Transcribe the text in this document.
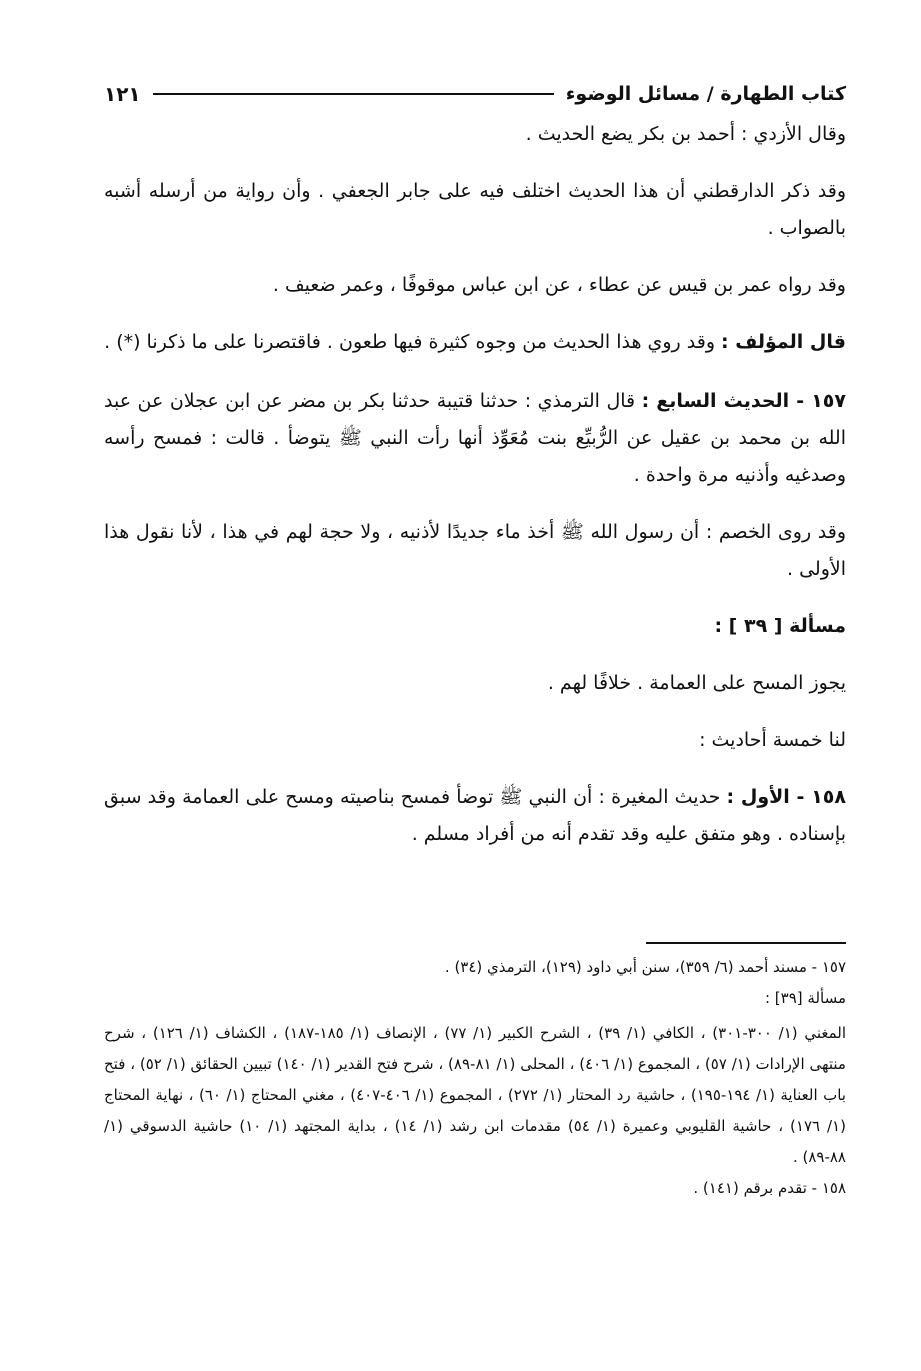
كتاب الطهارة / مسائل الوضوء
١٢١

وقال الأزدي : أحمد بن بكر يضع الحديث .

وقد ذكر الدارقطني أن هذا الحديث اختلف فيه على جابر الجعفي . وأن رواية من أرسله أشبه بالصواب .

وقد رواه عمر بن قيس عن عطاء ، عن ابن عباس موقوفًا ، وعمر ضعيف .

قال المؤلف : وقد روي هذا الحديث من وجوه كثيرة فيها طعون . فاقتصرنا على ما ذكرنا (*) .

١٥٧ - الحديث السابع : قال الترمذي : حدثنا قتيبة حدثنا بكر بن مضر عن ابن عجلان عن عبد الله بن محمد بن عقيل عن الرُّبيِّع بنت مُعَوِّذ أنها رأت النبي ﷺ يتوضأ . قالت : فمسح رأسه وصدغيه وأذنيه مرة واحدة .

وقد روى الخصم : أن رسول الله ﷺ أخذ ماء جديدًا لأذنيه ، ولا حجة لهم في هذا ، لأنا نقول هذا الأولى .

مسألة [ ٣٩ ] :

يجوز المسح على العمامة . خلافًا لهم .

لنا خمسة أحاديث :

١٥٨ - الأول : حديث المغيرة : أن النبي ﷺ توضأ فمسح بناصيته ومسح على العمامة وقد سبق بإسناده . وهو متفق عليه وقد تقدم أنه من أفراد مسلم .

١٥٧ - مسند أحمد (٦/ ٣٥٩)، سنن أبي داود (١٢٩)، الترمذي (٣٤) .

مسألة [٣٩] :

المغني (١/ ٣٠٠-٣٠١) ، الكافي (١/ ٣٩) ، الشرح الكبير (١/ ٧٧) ، الإنصاف (١/ ١٨٥-١٨٧) ، الكشاف (١/ ١٢٦) ، شرح منتهى الإرادات (١/ ٥٧) ، المجموع (١/ ٤٠٦) ، المحلى (١/ ٨١-٨٩) ، شرح فتح القدير (١/ ١٤٠) تبيين الحقائق (١/ ٥٢) ، فتح باب العناية (١/ ١٩٤-١٩٥) ، حاشية رد المحتار (١/ ٢٧٢) ، المجموع (١/ ٤٠٦-٤٠٧) ، مغني المحتاج (١/ ٦٠) ، نهاية المحتاج (١/ ١٧٦) ، حاشية القليوبي وعميرة (١/ ٥٤) مقدمات ابن رشد (١/ ١٤) ، بداية المجتهد (١/ ١٠) حاشية الدسوقي (١/ ٨٨-٨٩) .

١٥٨ - تقدم برقم (١٤١) .
